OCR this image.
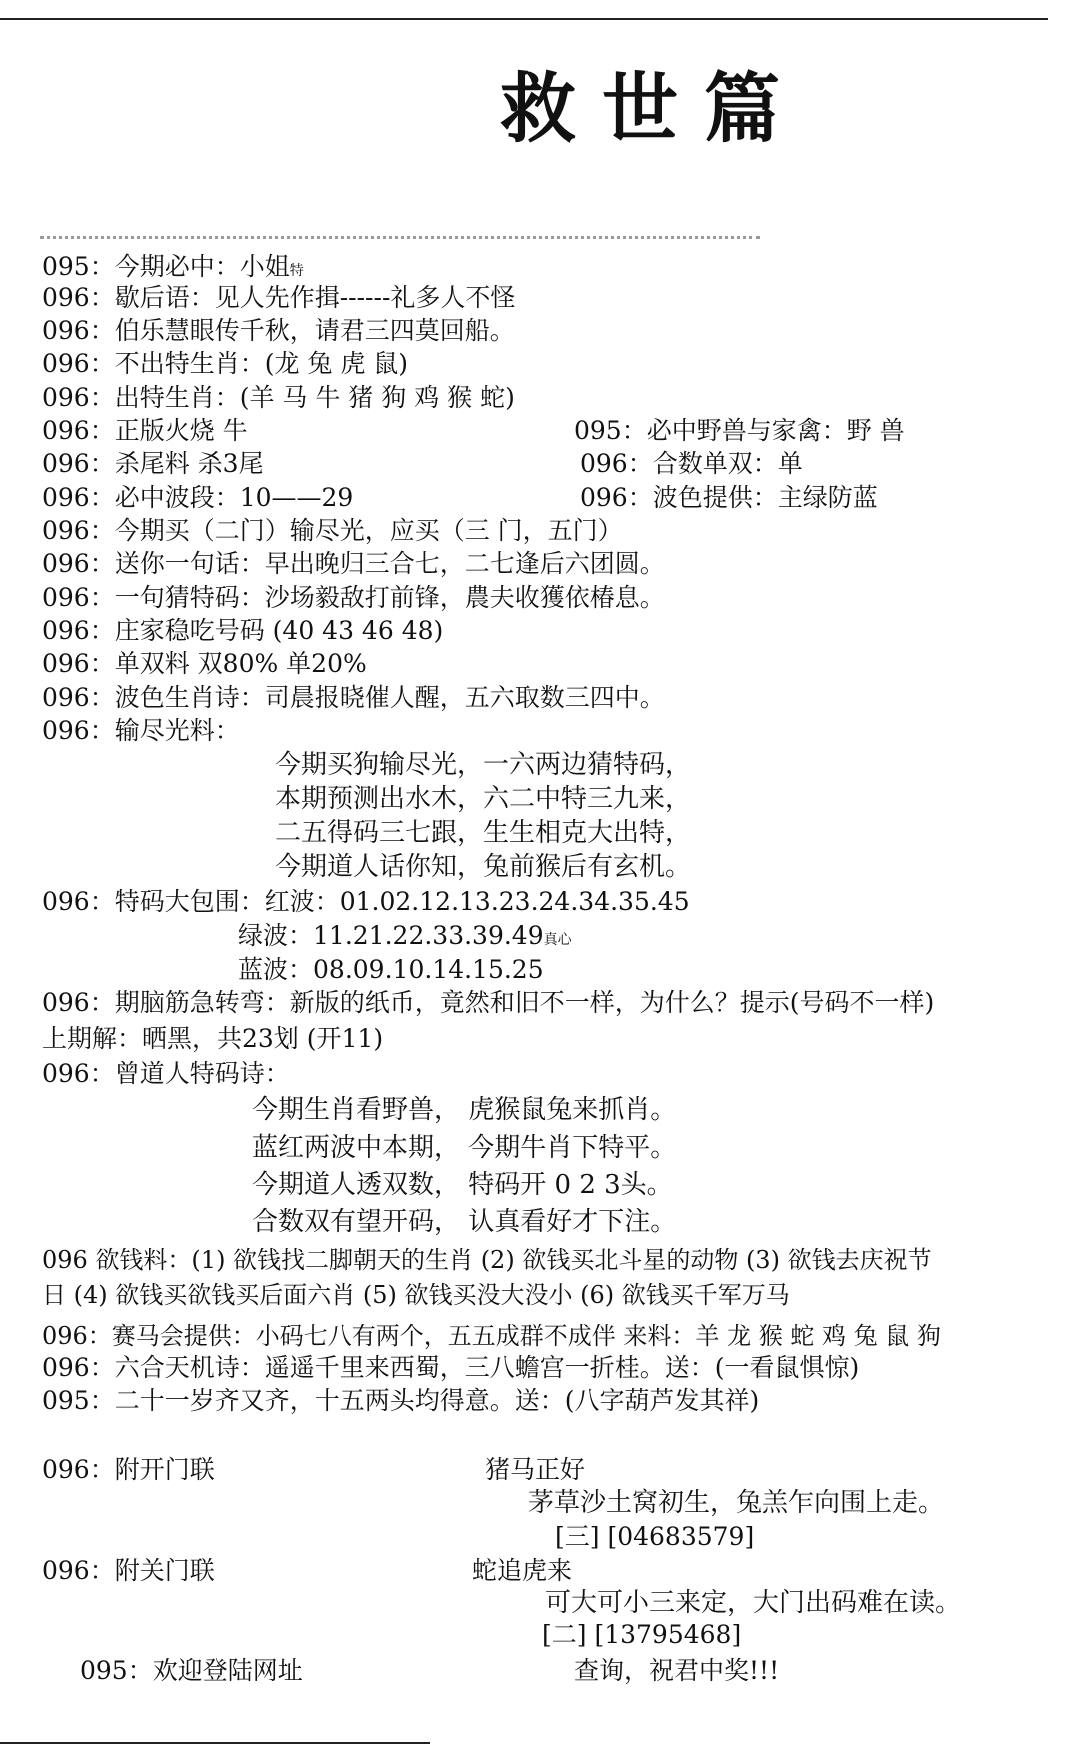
救世篇
095：今期必中：小姐特
096：歇后语：见人先作揖------礼多人不怪
096：伯乐慧眼传千秋，请君三四莫回船。
096：不出特生肖：(龙 兔 虎 鼠)
096：出特生肖：(羊 马 牛 猪 狗 鸡 猴 蛇)
096：正版火烧 牛	095：必中野兽与家禽：野 兽
096：杀尾料 杀3尾	096：合数单双：单
096：必中波段：10——29	096：波色提供：主绿防蓝
096：今期买（二门）输尽光，应买（三 门，五门）
096：送你一句话：早出晚归三合七，二七逢后六团圆。
096：一句猜特码：沙场毅敌打前锋，農夫收獲依椿息。
096：庄家稳吃号码 (40 43 46 48)
096：单双料 双80% 单20%
096：波色生肖诗：司晨报晓催人醒，五六取数三四中。
096：输尽光料：
今期买狗输尽光，一六两边猜特码，
本期预测出水木，六二中特三九来，
二五得码三七跟，生生相克大出特，
今期道人话你知，兔前猴后有玄机。
096：特码大包围：红波：01.02.12.13.23.24.34.35.45
绿波：11.21.22.33.39.49真心
蓝波：08.09.10.14.15.25
096：期脑筋急转弯：新版的纸币，竟然和旧不一样，为什么？提示(号码不一样)
上期解：晒黑，共23划 (开11)
096：曾道人特码诗：
今期生肖看野兽， 虎猴鼠兔来抓肖。
蓝红两波中本期， 今期牛肖下特平。
今期道人透双数， 特码开 0 2 3头。
合数双有望开码， 认真看好才下注。
096 欲钱料：(1) 欲钱找二脚朝天的生肖 (2) 欲钱买北斗星的动物 (3) 欲钱去庆祝节
日 (4) 欲钱买欲钱买后面六肖 (5) 欲钱买没大没小 (6) 欲钱买千军万马
096：赛马会提供：小码七八有两个，五五成群不成伴 来料：羊 龙 猴 蛇 鸡 兔 鼠 狗
096：六合天机诗：遥遥千里来西蜀，三八蟾宫一折桂。送：(一看鼠惧惊)
095：二十一岁齐又齐，十五两头均得意。送：(八字葫芦发其祥)
096：附开门联	猪马正好
茅草沙土窝初生，兔羔乍向围上走。
[三] [04683579]
096：附关门联	蛇追虎来
可大可小三来定，大门出码难在读。
[二] [13795468]
095：欢迎登陆网址	查询，祝君中奖!!!
